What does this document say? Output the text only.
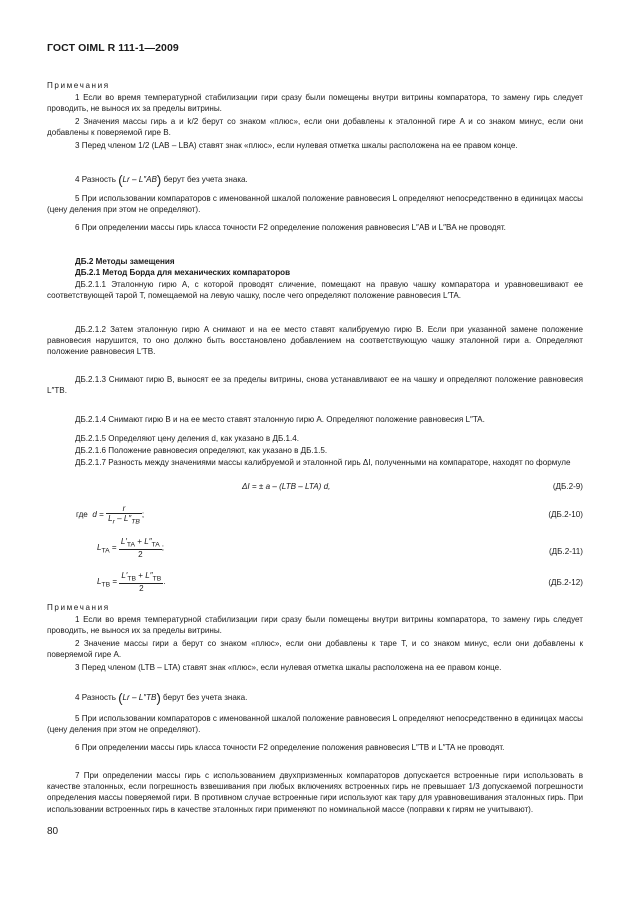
ГОСТ OIML R 111-1—2009
Примечания
1 Если во время температурной стабилизации гири сразу были помещены внутри витрины компаратора, то замену гирь следует проводить, не вынося их за пределы витрины.
2 Значения массы гирь a и k/2 берут со знаком «плюс», если они добавлены к эталонной гире A и со знаком минус, если они добавлены к поверяемой гире B.
3 Перед членом 1/2 (LAB – LBA) ставят знак «плюс», если нулевая отметка шкалы расположена на ее правом конце.
4 Разность (Lr – L″AB) берут без учета знака.
5 При использовании компараторов с именованной шкалой положение равновесия L определяют непосредственно в единицах массы (цену деления при этом не определяют).
6 При определении массы гирь класса точности F2 определение положения равновесия L″AB и L″BA не проводят.
ДБ.2 Методы замещения
ДБ.2.1 Метод Борда для механических компараторов
ДБ.2.1.1 Эталонную гирю A, с которой проводят сличение, помещают на правую чашку компаратора и уравновешивают ее соответствующей тарой T, помещаемой на левую чашку, после чего определяют положение равновесия L′TA.
ДБ.2.1.2 Затем эталонную гирю A снимают и на ее место ставят калибруемую гирю B. Если при указанной замене положение равновесия нарушится, то оно должно быть восстановлено добавлением на соответствующую чашку эталонной гири a. Определяют положение равновесия L′TB.
ДБ.2.1.3 Снимают гирю B, выносят ее за пределы витрины, снова устанавливают ее на чашку и определяют положение равновесия L″TB.
ДБ.2.1.4 Снимают гирю B и на ее место ставят эталонную гирю A. Определяют положение равновесия L″TA.
ДБ.2.1.5 Определяют цену деления d, как указано в ДБ.1.4.
ДБ.2.1.6 Положение равновесия определяют, как указано в ДБ.1.5.
ДБ.2.1.7 Разность между значениями массы калибруемой и эталонной гирь ΔI, полученными на компараторе, находят по формуле
ΔI = ± a – (LTB – LTA) d,	(ДБ.2-9)
где $d = \frac{r}{L_r - L''_{TB}}$ ;	(ДБ.2-10)
$L_{TA} = \frac{L'_{TA} + L''_{TA}}{2}$ ;	(ДБ.2-11)
$L_{TB} = \frac{L'_{TB} + L''_{TB}}{2}$ .	(ДБ.2-12)
Примечания
1 Если во время температурной стабилизации гири сразу были помещены внутри витрины компаратора, то замену гирь следует проводить, не вынося их за пределы витрины.
2 Значение массы гири a берут со знаком «плюс», если они добавлены к таре T, и со знаком минус, если они добавлены к поверяемой гире A.
3 Перед членом (LTB – LTA) ставят знак «плюс», если нулевая отметка шкалы расположена на ее правом конце.
4 Разность (Lr – L″TB) берут без учета знака.
5 При использовании компараторов с именованной шкалой положение равновесия L определяют непосредственно в единицах массы (цену деления при этом не определяют).
6 При определении массы гирь класса точности F2 определение положения равновесия L″TB и L″TA не проводят.
7 При определении массы гирь с использованием двухпризменных компараторов допускается встроенные гири использовать в качестве эталонных, если погрешность взвешивания при любых включениях встроенных гирь не превышает 1/3 допускаемой погрешности определения массы поверяемой гири. В противном случае встроенные гири используют как тару для уравновешивания эталонных гирь. При использовании встроенных гирь в качестве эталонных гири применяют по номинальной массе (поправки к гирям не учитывают).
80
